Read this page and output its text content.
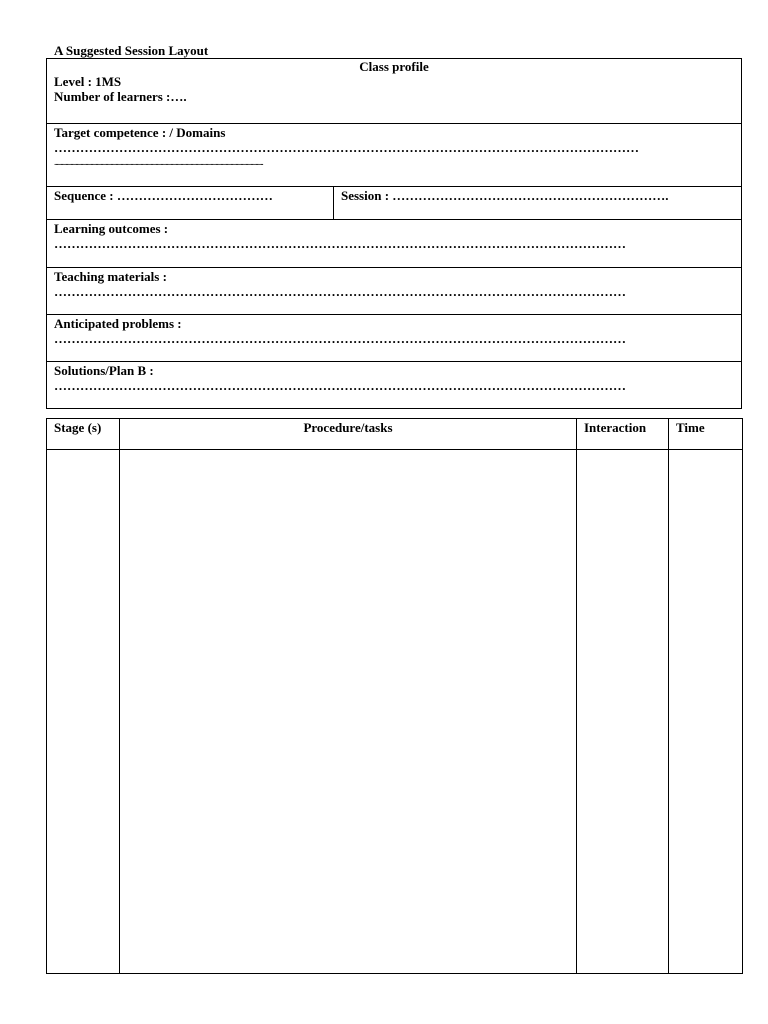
A Suggested Session Layout
Class profile
Level : 1MS
Number of learners :….

Target competence : / Domains
………………………………………………………………………………………………………………………
.......................................................................................................................................................................

Sequence : ………………………………	Session : ……………………………………………………….

Learning outcomes :
……………………………………………………………………………………………………………………

Teaching materials :
……………………………………………………………………………………………………………………

Anticipated problems :
……………………………………………………………………………………………………………………

Solutions/Plan B :
……………………………………………………………………………………………………………………
Stage (s)	Procedure/tasks	Interaction	Time
